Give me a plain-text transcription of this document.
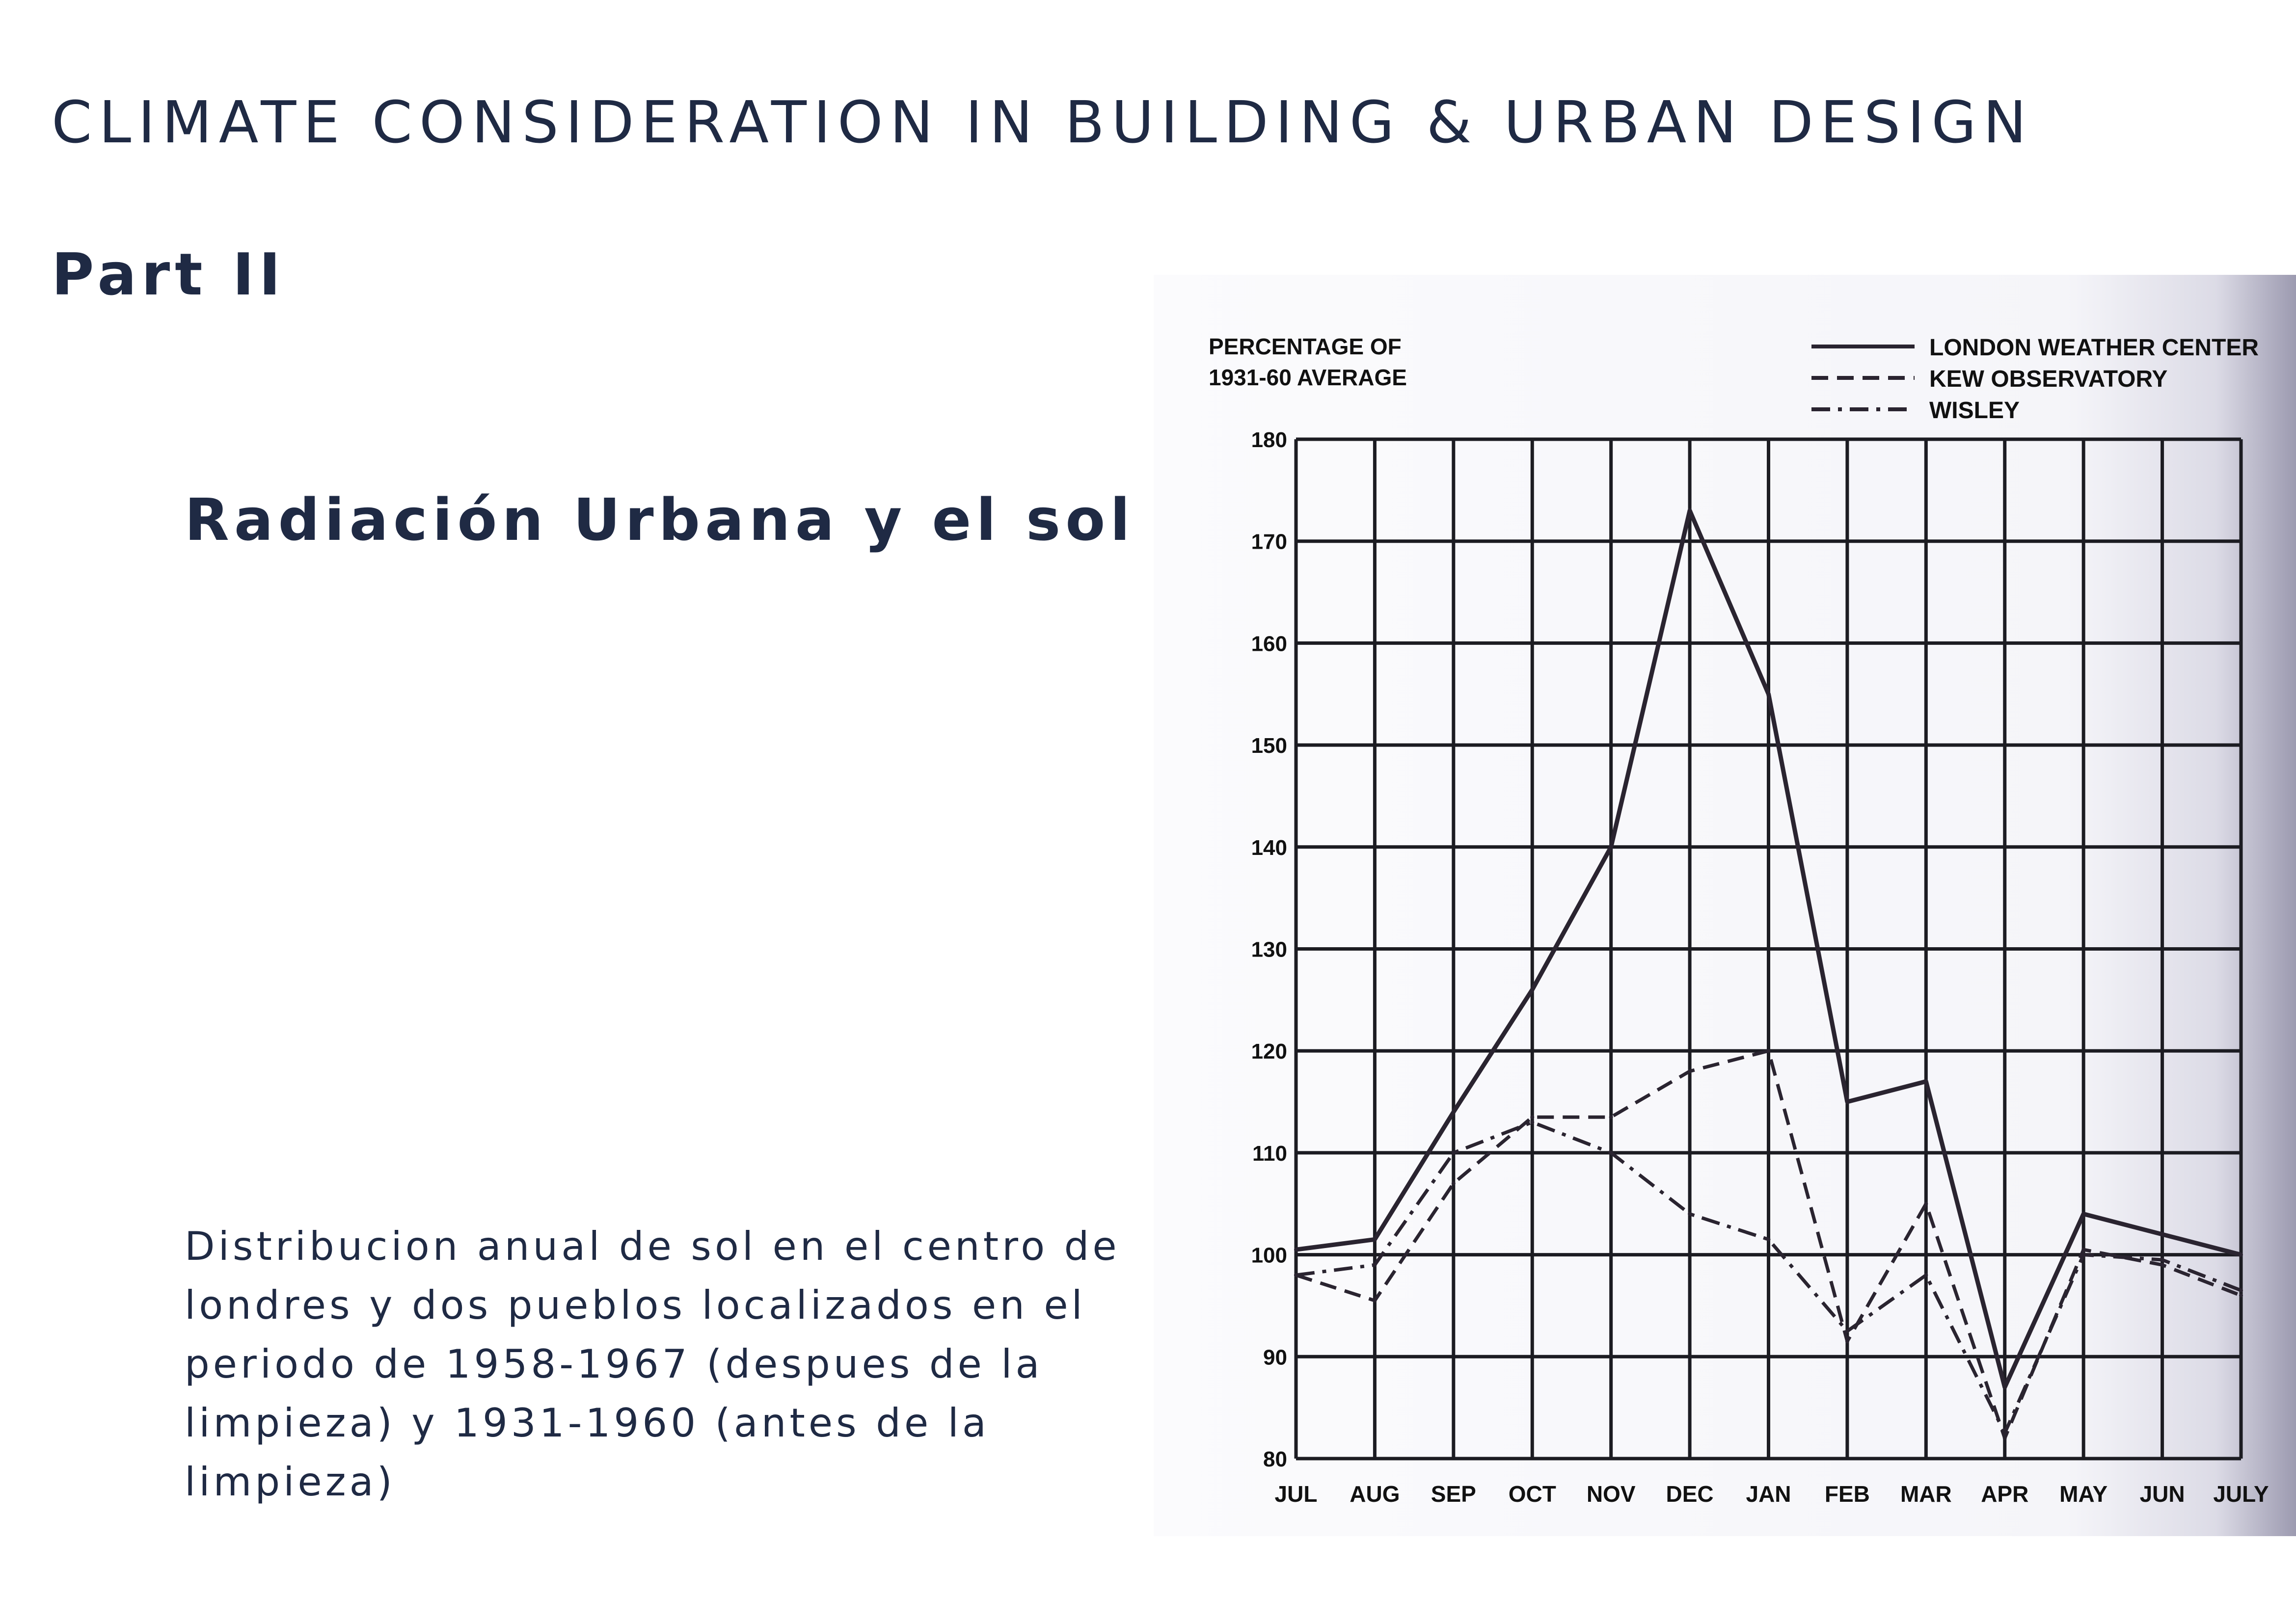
CLIMATE CONSIDERATION IN BUILDING & URBAN DESIGN
Part II
Radiación Urbana y el sol

Distribucion anual de sol en el centro de londres y dos pueblos localizados en el periodo de 1958-1967 (despues de la limpieza) y 1931-1960 (antes de la limpieza)	80
90
100
110
120
130
140
150
160
170
180
JUL AUG SEP OCT NOV DEC JAN FEB MAR APR MAY JUN JULY
PERCENTAGE OF
1931-60 AVERAGE
LONDON WEATHER CENTER
KEW OBSERVATORY
WISLEY
